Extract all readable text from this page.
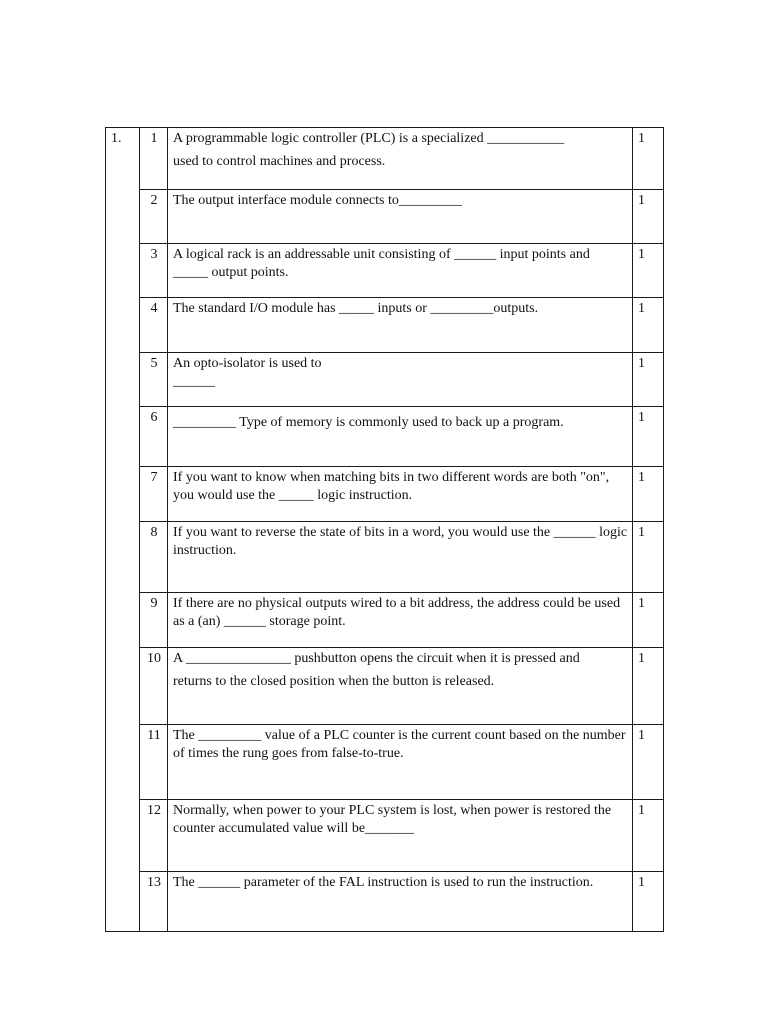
1.	1	A programmable logic controller (PLC) is a specialized ___________
used to control machines and process.	1
	2	The output interface module connects to_________	1
	3	A logical rack is an addressable unit consisting of ______ input points and _____ output points.	1
	4	The standard I/O module has _____ inputs or _________outputs.	1
	5	An opto-isolator is used to ______	1
	6	_________ Type of memory is commonly used to back up a program.	1
	7	If you want to know when matching bits in two different words are both "on", you would use the _____ logic instruction.	1
	8	If you want to reverse the state of bits in a word, you would use the ______ logic instruction.	1
	9	If there are no physical outputs wired to a bit address, the address could be used as a (an) ______ storage point.	1
	10	A _______________ pushbutton opens the circuit when it is pressed and
returns to the closed position when the button is released.	1
	11	The _________ value of a PLC counter is the current count based on the number of times the rung goes from false-to-true.	1
	12	Normally, when power to your PLC system is lost, when power is restored the counter accumulated value will be_______	1
	13	The ______ parameter of the FAL instruction is used to run the instruction.	1
